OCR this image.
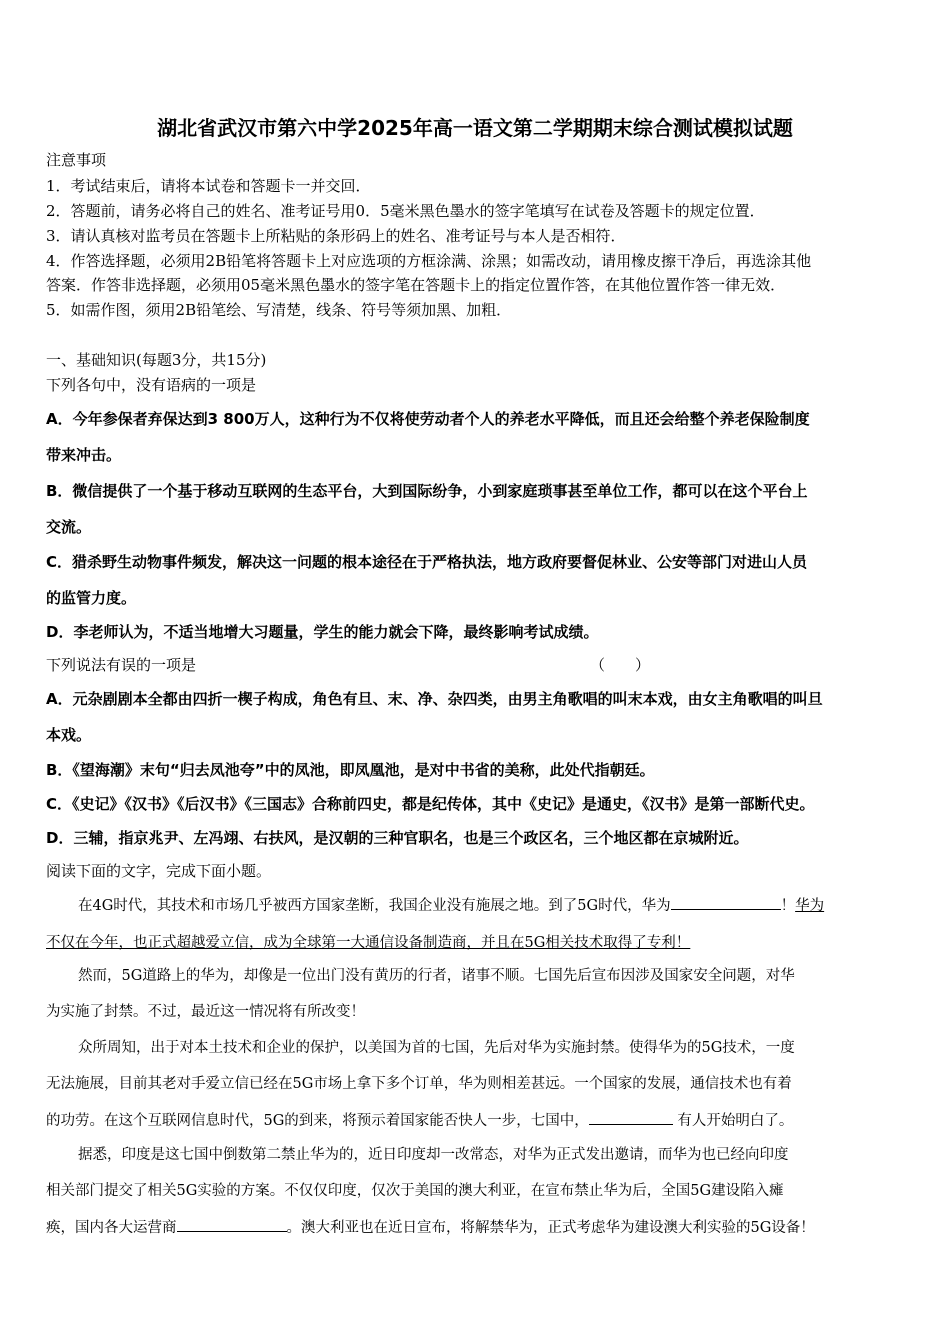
湖北省武汉市第六中学2025年高一语文第二学期期末综合测试模拟试题
注意事项
1．考试结束后，请将本试卷和答题卡一并交回．
2．答题前，请务必将自己的姓名、准考证号用0．5毫米黑色墨水的签字笔填写在试卷及答题卡的规定位置．
3．请认真核对监考员在答题卡上所粘贴的条形码上的姓名、准考证号与本人是否相符．
4．作答选择题，必须用2B铅笔将答题卡上对应选项的方框涂满、涂黑；如需改动，请用橡皮擦干净后，再选涂其他
答案．作答非选择题，必须用05毫米黑色墨水的签字笔在答题卡上的指定位置作答，在其他位置作答一律无效．
5．如需作图，须用2B铅笔绘、写清楚，线条、符号等须加黑、加粗．
一、基础知识(每题3分，共15分)
下列各句中，没有语病的一项是
A．今年参保者弃保达到3 800万人，这种行为不仅将使劳动者个人的养老水平降低，而且还会给整个养老保险制度
带来冲击。
B．微信提供了一个基于移动互联网的生态平台，大到国际纷争，小到家庭琐事甚至单位工作，都可以在这个平台上
交流。
C．猎杀野生动物事件频发，解决这一问题的根本途径在于严格执法，地方政府要督促林业、公安等部门对进山人员
的监管力度。
D．李老师认为，不适当地增大习题量，学生的能力就会下降，最终影响考试成绩。
下列说法有误的一项是	（　　）
A．元杂剧剧本全都由四折一楔子构成，角色有旦、末、净、杂四类，由男主角歌唱的叫末本戏，由女主角歌唱的叫旦
本戏。
B．《望海潮》末句“归去凤池夸”中的凤池，即凤凰池，是对中书省的美称，此处代指朝廷。
C．《史记》《汉书》《后汉书》《三国志》合称前四史，都是纪传体，其中《史记》是通史，《汉书》是第一部断代史。
D．三辅，指京兆尹、左冯翊、右扶风，是汉朝的三种官职名，也是三个政区名，三个地区都在京城附近。
阅读下面的文字，完成下面小题。
在4G时代，其技术和市场几乎被西方国家垄断，我国企业没有施展之地。到了5G时代，华为	！华为
不仅在今年，也正式超越爱立信，成为全球第一大通信设备制造商，并且在5G相关技术取得了专利！
然而，5G道路上的华为，却像是一位出门没有黄历的行者，诸事不顺。七国先后宣布因涉及国家安全问题，对华
为实施了封禁。不过，最近这一情况将有所改变！
众所周知，出于对本土技术和企业的保护，以美国为首的七国，先后对华为实施封禁。使得华为的5G技术，一度
无法施展，目前其老对手爱立信已经在5G市场上拿下多个订单，华为则相差甚远。一个国家的发展，通信技术也有着
的功劳。在这个互联网信息时代，5G的到来，将预示着国家能否快人一步，七国中，	有人开始明白了。
据悉，印度是这七国中倒数第二禁止华为的，近日印度却一改常态，对华为正式发出邀请，而华为也已经向印度
相关部门提交了相关5G实验的方案。不仅仅印度，仅次于美国的澳大利亚，在宣布禁止华为后，全国5G建设陷入瘫
痪，国内各大运营商	。澳大利亚也在近日宣布，将解禁华为，正式考虑华为建设澳大利实验的5G设备！
